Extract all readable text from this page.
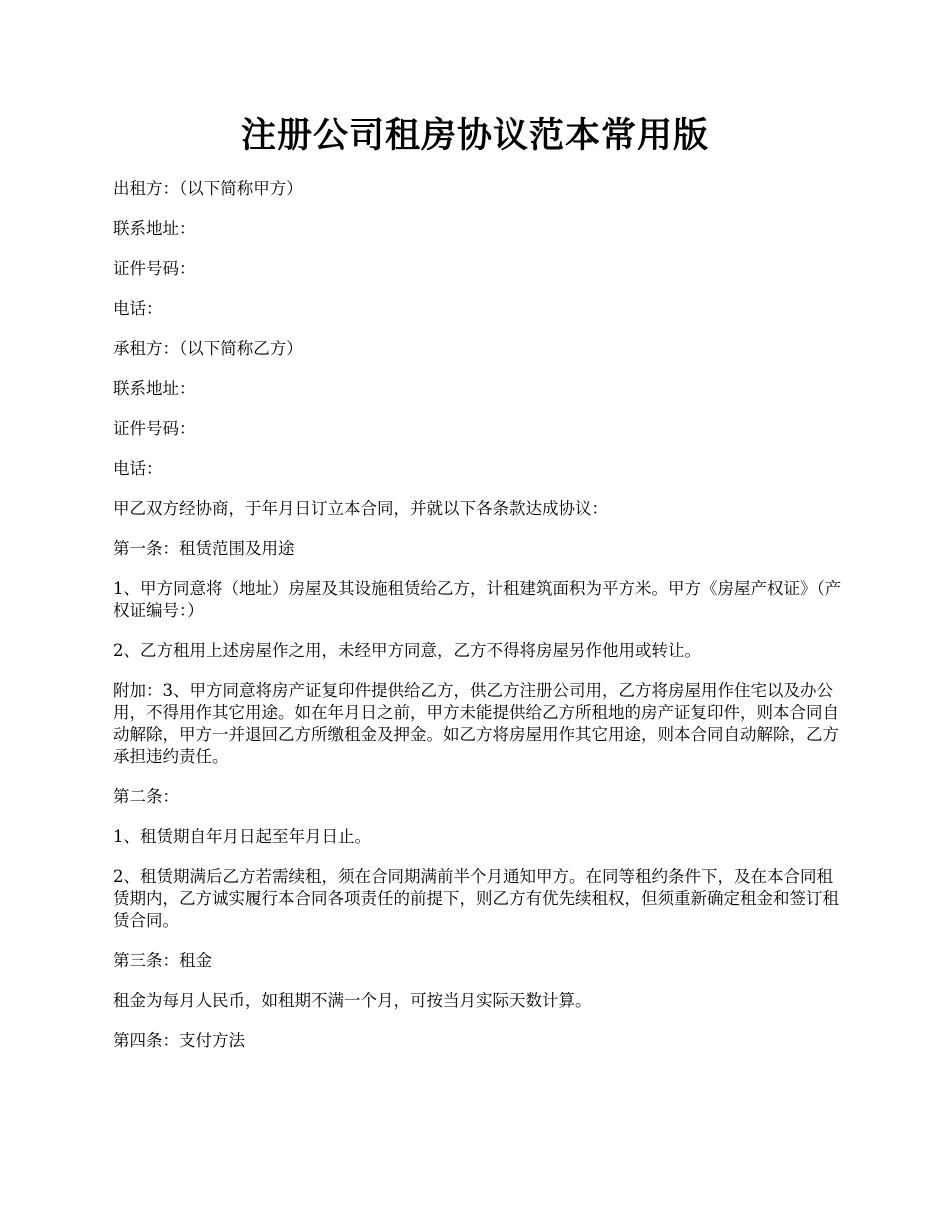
注册公司租房协议范本常用版

出租方：（以下简称甲方）

联系地址：

证件号码：

电话：

承租方：（以下简称乙方）

联系地址：

证件号码：

电话：

甲乙双方经协商，于年月日订立本合同，并就以下各条款达成协议：

第一条：租赁范围及用途

1、甲方同意将（地址）房屋及其设施租赁给乙方，计租建筑面积为平方米。甲方《房屋产权证》（产权证编号：）

2、乙方租用上述房屋作之用，未经甲方同意，乙方不得将房屋另作他用或转让。

附加：3、甲方同意将房产证复印件提供给乙方，供乙方注册公司用，乙方将房屋用作住宅以及办公用，不得用作其它用途。如在年月日之前，甲方未能提供给乙方所租地的房产证复印件，则本合同自动解除，甲方一并退回乙方所缴租金及押金。如乙方将房屋用作其它用途，则本合同自动解除，乙方承担违约责任。

第二条：

1、租赁期自年月日起至年月日止。

2、租赁期满后乙方若需续租，须在合同期满前半个月通知甲方。在同等租约条件下，及在本合同租赁期内，乙方诚实履行本合同各项责任的前提下，则乙方有优先续租权，但须重新确定租金和签订租赁合同。

第三条：租金

租金为每月人民币，如租期不满一个月，可按当月实际天数计算。

第四条：支付方法
